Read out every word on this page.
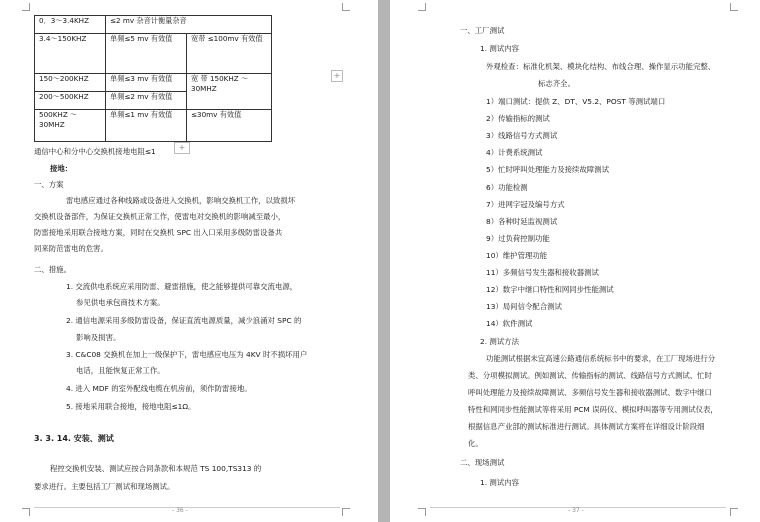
0．3～3.4KHZ	≤2 mv 杂音计衡量杂音	
3.4～150KHZ	单频≤5 mv 有效值	宽带 ≤100mv 有效值
150～200KHZ	单频≤3 mv 有效值	宽 带 150KHZ ～ 30MHZ
200～500KHZ	单频≤2 mv 有效值	
500KHZ ～ 30MHZ	单频≤1 mv 有效值	≤30mv 有效值
+
+
通信中心和分中心交换机接地电阻≤1
接地：
一、方案
雷电感应通过各种线路或设备进入交换机，影响交换机工作，以致损坏
交换机设备部件，为保证交换机正常工作，使雷电对交换机的影响减至最小，
防雷接地采用联合接地方案，同时在交换机 SPC 出入口采用多级防雷设备共
同来防范雷电的危害。
二、措施。
1. 交流供电系统应采用防雷、避雷措施，使之能够提供可靠交流电源，
参见供电承包商技术方案。
2. 通信电源采用多级防雷设备，保证直流电源质量，减少浪涌对 SPC 的
影响及损害。
3. C&C08 交换机在加上一级保护下，雷电感应电压为 4KV 时不损坏用户
电话，且能恢复正常工作。
4. 进入 MDF 的室外配线电缆在机房前，须作防雷接地。
5. 接地采用联合接地，接地电阻≤1Ω。
3. 3. 14. 安装、测试
程控交换机安装、测试应按合同条款和本规范 TS 100,TS313 的
要求进行。主要包括工厂测试和现场测试。
- 36 -
一、工厂测试
1. 测试内容
外观检查：标准化机架、模块化结构、布线合理、操作显示功能完整、
标志齐全。
1）端口测试：提供 Z、DT、V5.2、POST 等测试端口
2）传输指标的测试
3）线路信号方式测试
4）计费系统测试
5）忙时呼叫处理能力及接续故障测试
6）功能检测
7）进网字冠及编号方式
8）各种时延监视测试
9）过负荷控制功能
10）维护管理功能
11）多频信号发生器和接收器测试
12）数字中继口特性和网同步性能测试
13）局间信令配合测试
14）软件测试
2. 测试方法
功能测试根据未宜高速公路通信系统标书中的要求，在工厂现场进行分
类、分项模拟测试。例如测试、传输指标的测试、线路信号方式测试、忙时
呼叫处理能力及接续故障测试、多频信号发生器和接收器测试、数字中继口
特性和网同步性能测试等将采用 PCM 误码仪、模拟呼叫器等专用测试仪表，
根据信息产业部的测试标准进行测试。具体测试方案将在详细设计阶段细
化。
二、现场测试
1. 测试内容
- 37 -
